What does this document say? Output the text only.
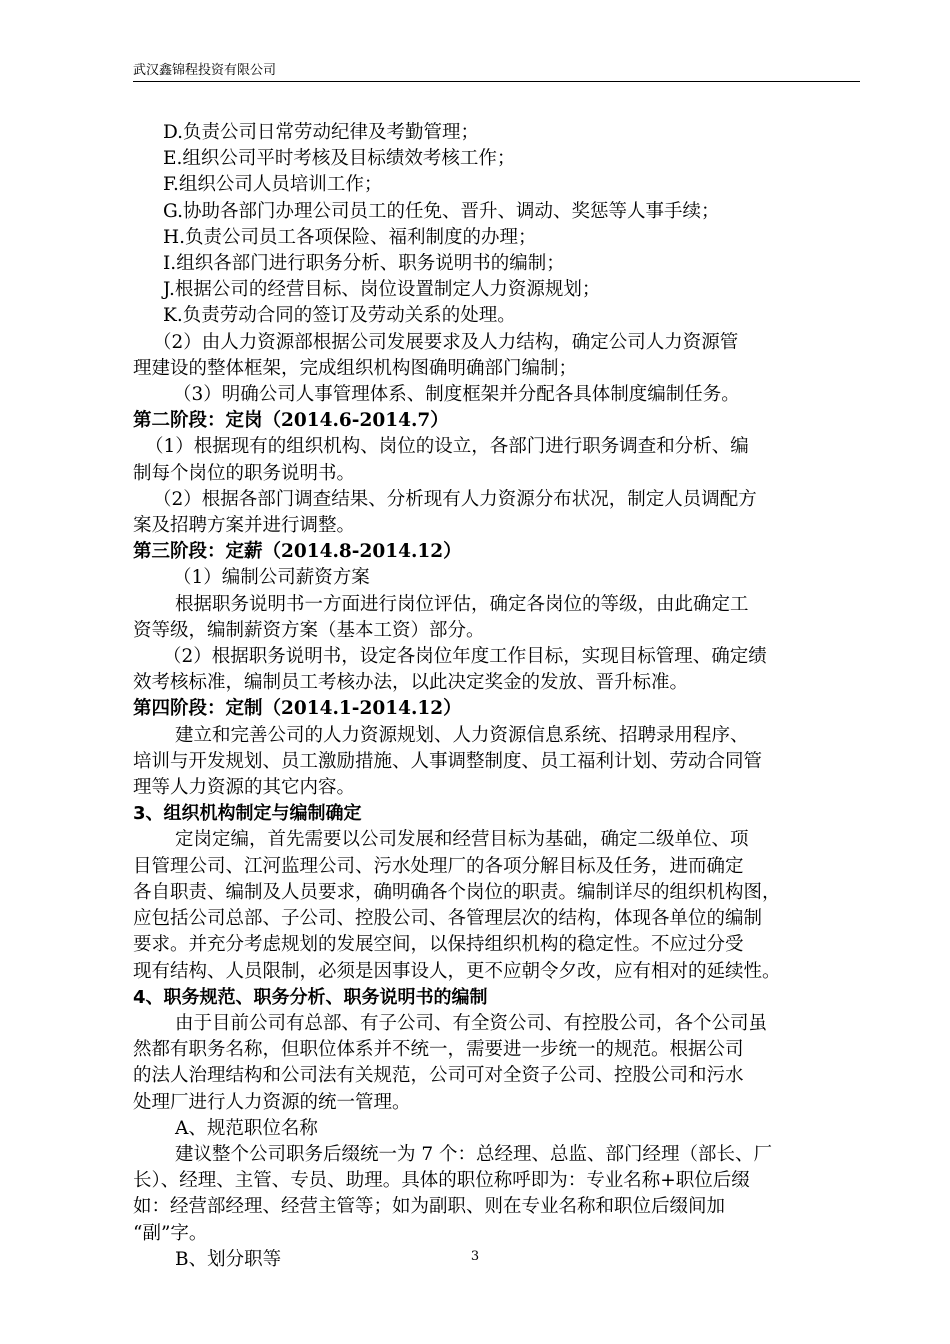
武汉鑫锦程投资有限公司

D.负责公司日常劳动纪律及考勤管理；

E.组织公司平时考核及目标绩效考核工作；

F.组织公司人员培训工作；

G.协助各部门办理公司员工的任免、晋升、调动、奖惩等人事手续；

H.负责公司员工各项保险、福利制度的办理；

I.组织各部门进行职务分析、职务说明书的编制；

J.根据公司的经营目标、岗位设置制定人力资源规划；

K.负责劳动合同的签订及劳动关系的处理。

（2）由人力资源部根据公司发展要求及人力结构，确定公司人力资源管

理建设的整体框架，完成组织机构图确明确部门编制；

（3）明确公司人事管理体系、制度框架并分配各具体制度编制任务。

第二阶段：定岗（2014.6-2014.7）

（1）根据现有的组织机构、岗位的设立，各部门进行职务调查和分析、编

制每个岗位的职务说明书。

（2）根据各部门调查结果、分析现有人力资源分布状况，制定人员调配方

案及招聘方案并进行调整。

第三阶段：定薪（2014.8-2014.12）

（1）编制公司薪资方案

根据职务说明书一方面进行岗位评估，确定各岗位的等级，由此确定工

资等级，编制薪资方案（基本工资）部分。

（2）根据职务说明书，设定各岗位年度工作目标，实现目标管理、确定绩

效考核标准，编制员工考核办法，以此决定奖金的发放、晋升标准。

第四阶段：定制（2014.1-2014.12）

建立和完善公司的人力资源规划、人力资源信息系统、招聘录用程序、

培训与开发规划、员工激励措施、人事调整制度、员工福利计划、劳动合同管

理等人力资源的其它内容。

3、组织机构制定与编制确定

定岗定编，首先需要以公司发展和经营目标为基础，确定二级单位、项

目管理公司、江河监理公司、污水处理厂的各项分解目标及任务，进而确定

各自职责、编制及人员要求，确明确各个岗位的职责。编制详尽的组织机构图，

应包括公司总部、子公司、控股公司、各管理层次的结构，体现各单位的编制

要求。并充分考虑规划的发展空间，以保持组织机构的稳定性。不应过分受

现有结构、人员限制，必须是因事设人，更不应朝令夕改，应有相对的延续性。

4、职务规范、职务分析、职务说明书的编制

由于目前公司有总部、有子公司、有全资公司、有控股公司，各个公司虽

然都有职务名称，但职位体系并不统一，需要进一步统一的规范。根据公司

的法人治理结构和公司法有关规范，公司可对全资子公司、控股公司和污水

处理厂进行人力资源的统一管理。

A、规范职位名称

建议整个公司职务后缀统一为 7 个：总经理、总监、部门经理（部长、厂

长）、经理、主管、专员、助理。具体的职位称呼即为：专业名称+职位后缀

如：经营部经理、经营主管等；如为副职、则在专业名称和职位后缀间加

“副”字。

B、划分职等	3
